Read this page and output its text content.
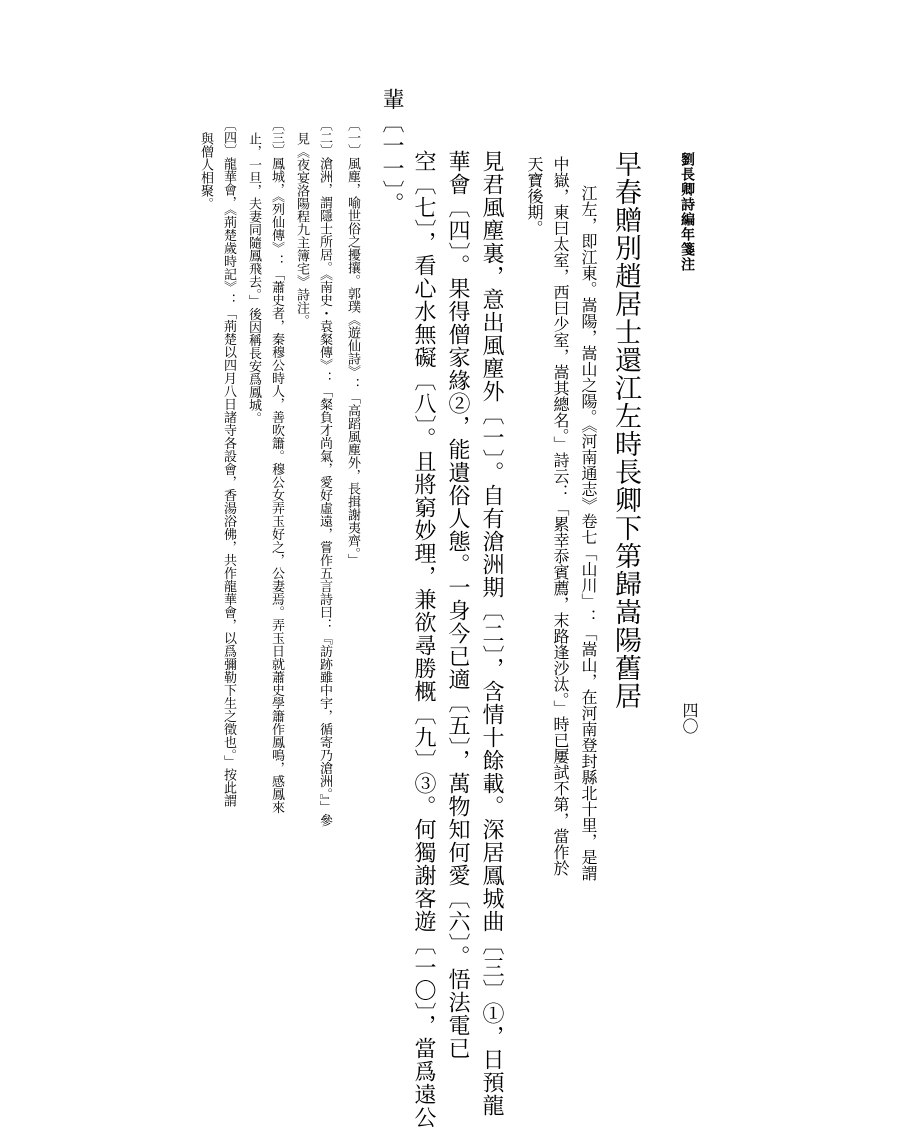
劉長卿詩編年箋注
四〇
早春贈別趙居士還江左時長卿下第歸嵩陽舊居
江左，即江東。嵩陽，嵩山之陽。《河南通志》卷七「山川」：「嵩山，在河南登封縣北十里，是謂
中嶽，東曰太室，西曰少室，嵩其總名。」詩云：「累幸忝賓薦，末路逢沙汰。」時已屢試不第，當作於
天寶後期。
見君風塵裏，意出風塵外〔一〕。自有滄洲期〔二〕，含情十餘載。深居鳳城曲〔三〕①，日預龍
華會〔四〕。果得僧家緣②，能遺俗人態。一身今已適〔五〕，萬物知何愛〔六〕。悟法電已
空〔七〕，看心水無礙〔八〕。且將窮妙理，兼欲尋勝概〔九〕③。何獨謝客遊〔一〇〕，當爲遠公
輩〔一一〕。
〔一〕風塵，喻世俗之擾攘。郭璞《遊仙詩》：「高蹈風塵外，長揖謝夷齊。」
〔二〕滄洲，謂隱士所居。《南史・袁粲傳》：「粲負才尚氣，愛好虛遠，嘗作五言詩曰：『訪跡雖中宇，循寄乃滄洲。』」參
見《夜宴洛陽程九主簿宅》詩注。
〔三〕鳳城，《列仙傳》：「蕭史者，秦穆公時人，善吹簫。穆公女弄玉好之，公妻焉。弄玉日就蕭史學簫作鳳鳴，感鳳來
止，一旦，夫妻同隨鳳飛去。」後因稱長安爲鳳城。
〔四〕龍華會，《荊楚歲時記》：「荊楚以四月八日諸寺各設會，香湯浴佛，共作龍華會，以爲彌勒下生之徵也。」按此謂
與僧人相聚。
